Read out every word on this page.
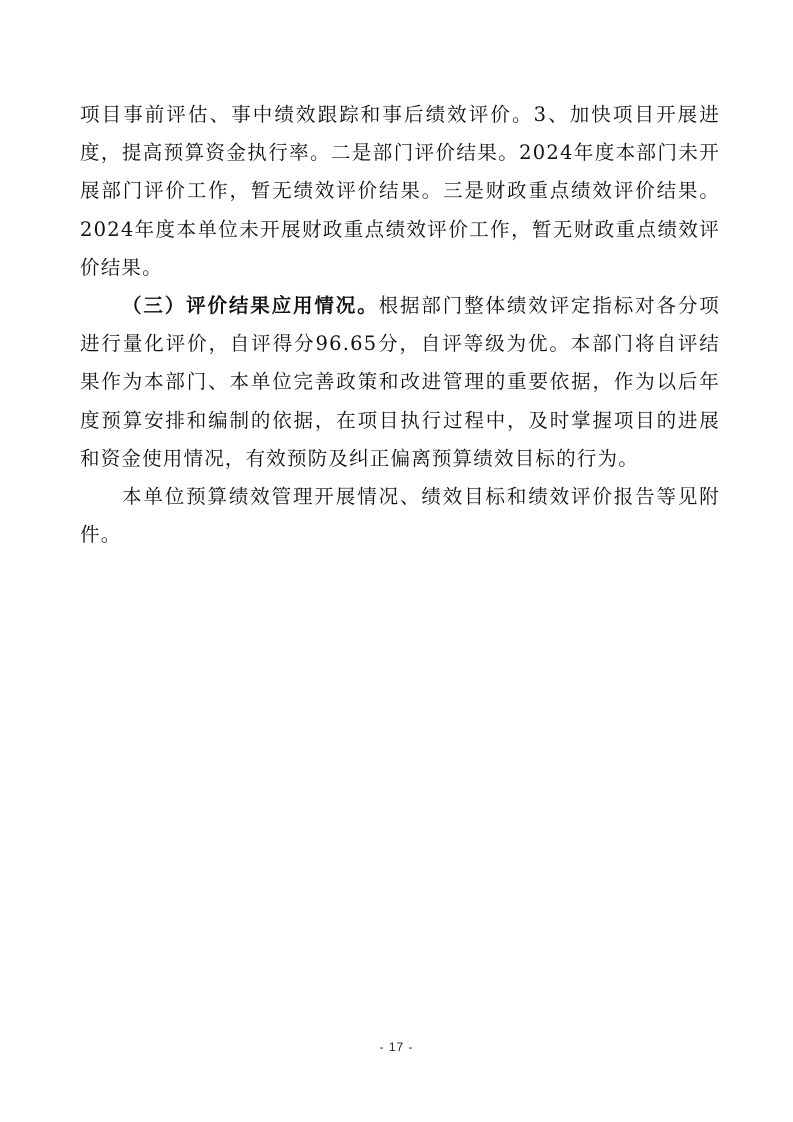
项目事前评估、事中绩效跟踪和事后绩效评价。3、加快项目开展进度，提高预算资金执行率。二是部门评价结果。2024年度本部门未开展部门评价工作，暂无绩效评价结果。三是财政重点绩效评价结果。2024年度本单位未开展财政重点绩效评价工作，暂无财政重点绩效评价结果。

（三）评价结果应用情况。根据部门整体绩效评定指标对各分项进行量化评价，自评得分96.65分，自评等级为优。本部门将自评结果作为本部门、本单位完善政策和改进管理的重要依据，作为以后年度预算安排和编制的依据，在项目执行过程中，及时掌握项目的进展和资金使用情况，有效预防及纠正偏离预算绩效目标的行为。

本单位预算绩效管理开展情况、绩效目标和绩效评价报告等见附件。

- 17 -
